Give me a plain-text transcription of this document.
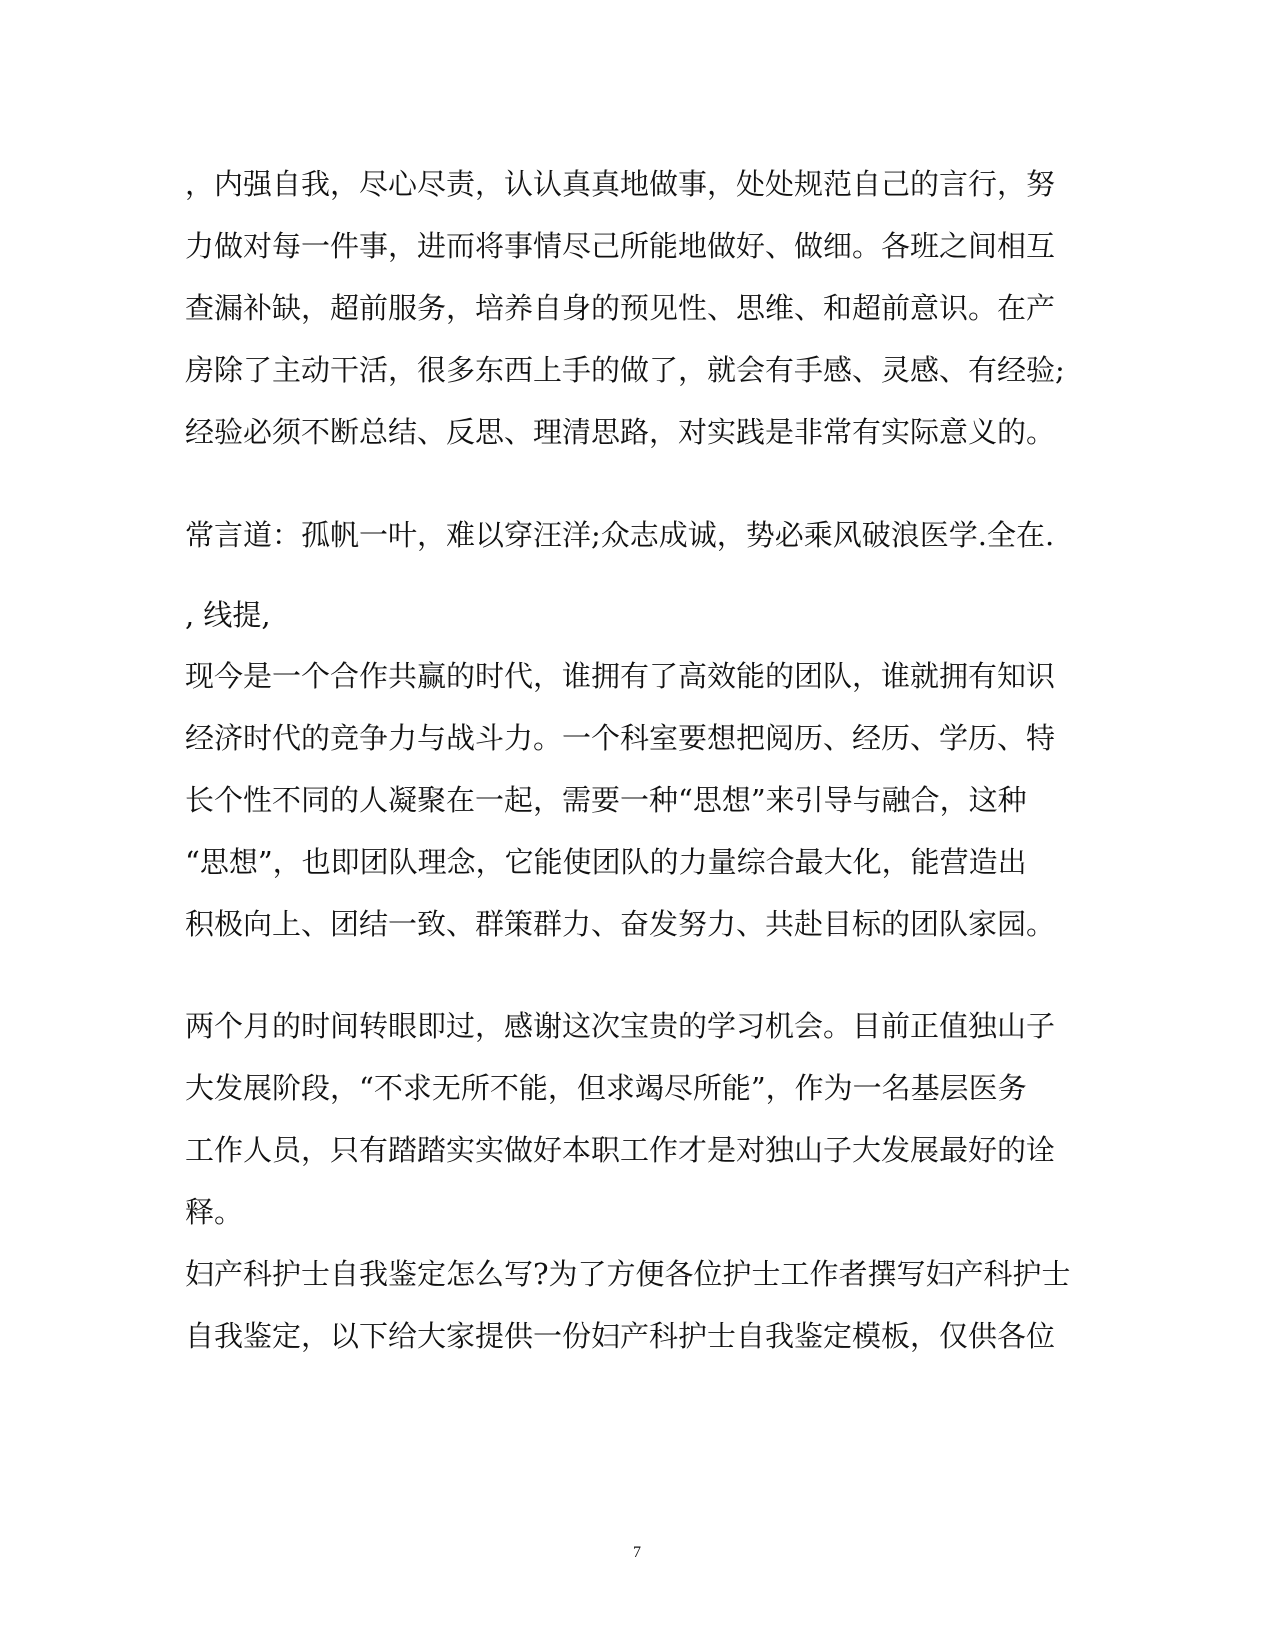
，内强自我，尽心尽责，认认真真地做事，处处规范自己的言行，努
力做对每一件事，进而将事情尽己所能地做好、做细。各班之间相互
查漏补缺，超前服务，培养自身的预见性、思维、和超前意识。在产
房除了主动干活，很多东西上手的做了，就会有手感、灵感、有经验;
经验必须不断总结、反思、理清思路，对实践是非常有实际意义的。
常言道：孤帆一叶，难以穿汪洋;众志成诚，势必乘风破浪医学.全在.
, 线提,
现今是一个合作共赢的时代，谁拥有了高效能的团队，谁就拥有知识
经济时代的竞争力与战斗力。一个科室要想把阅历、经历、学历、特
长个性不同的人凝聚在一起，需要一种“思想”来引导与融合，这种
“思想”，也即团队理念，它能使团队的力量综合最大化，能营造出
积极向上、团结一致、群策群力、奋发努力、共赴目标的团队家园。
两个月的时间转眼即过，感谢这次宝贵的学习机会。目前正值独山子
大发展阶段，“不求无所不能，但求竭尽所能”，作为一名基层医务
工作人员，只有踏踏实实做好本职工作才是对独山子大发展最好的诠
释。
妇产科护士自我鉴定怎么写?为了方便各位护士工作者撰写妇产科护士
自我鉴定，以下给大家提供一份妇产科护士自我鉴定模板，仅供各位
7
